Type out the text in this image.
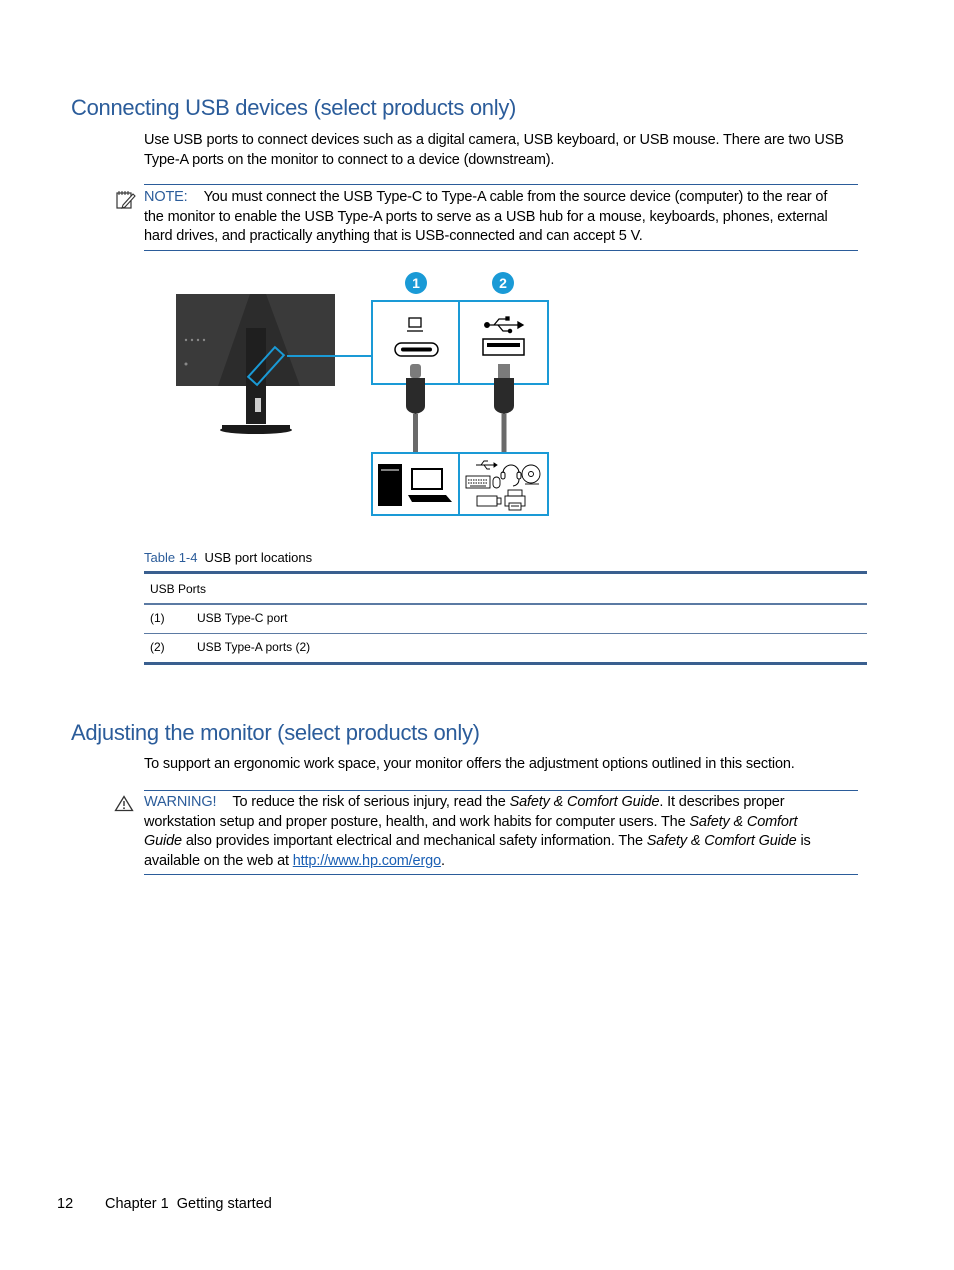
Connecting USB devices (select products only)
Use USB ports to connect devices such as a digital camera, USB keyboard, or USB mouse. There are two USB
Type-A ports on the monitor to connect to a device (downstream).
NOTE: You must connect the USB Type-C to Type-A cable from the source device (computer) to the rear of
the monitor to enable the USB Type-A ports to serve as a USB hub for a mouse, keyboards, phones, external
hard drives, and practically anything that is USB-connected and can accept 5 V.
1	2
Table 1-4 USB port locations
USB Ports
(1)	USB Type-C port
(2)	USB Type-A ports (2)
Adjusting the monitor (select products only)
To support an ergonomic work space, your monitor offers the adjustment options outlined in this section.
WARNING! To reduce the risk of serious injury, read the Safety & Comfort Guide. It describes proper
workstation setup and proper posture, health, and work habits for computer users. The Safety & Comfort
Guide also provides important electrical and mechanical safety information. The Safety & Comfort Guide is
available on the web at http://www.hp.com/ergo.
12 Chapter 1  Getting started
